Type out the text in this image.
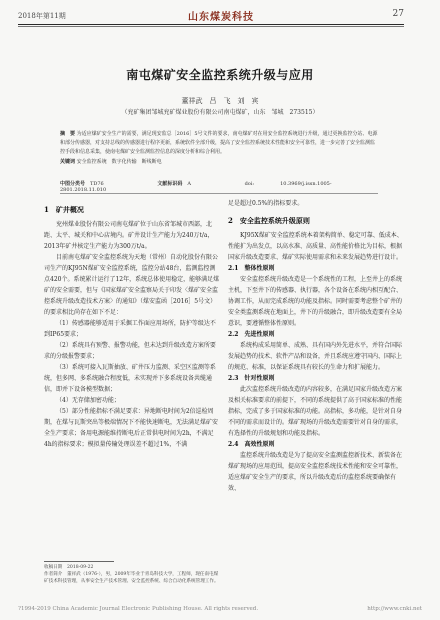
2018年第11期	山东煤炭科技	27
南屯煤矿安全监控系统升级与应用
董祥武　吕　飞　刘　宾
（兖矿集团邹城兖矿煤业股份有限公司南屯煤矿，山东　邹城　273515）
摘　要 为适应煤矿安全生产的需要，满足现安监总［2016］5号文件的要求，南屯煤矿对在用安全监控系统进行升级，通过更换监控分站、电源和部分传感器，对支持总线的传感器进行程序更新，系统软件全部升级，提高了安全监控系统技术性能和安全可靠性，进一步完善了安全监测监控手段和信息采集，使南屯煤矿安全监测监控信息的深度分析和综合利用。
关键词 安全监控系统　数字化传输　断线断电
中图分类号　 TD76	文献标识码　 A	doi:	10.3969/j.issn.1005-2801.2018.11.010
1　矿井概况

兖州煤业股份有限公司南屯煤矿位于山东省邹城市西部，北距、太平、城关和中心店境内。矿井设计生产能力为240万t/a，2013年矿井核定生产能力为300万t/a。

目前南屯煤矿安全监控系统为天地（常州）自动化股份有限公司生产的KJ95N煤矿安全监控系统，监控分站48台，监测监控测点420个。系统累计运行了12年，系统总体使用稳定，能够满足煤矿的安全需要，但与《国家煤矿安全监察局关于印发〈煤矿安全监控系统升级改造技术方案〉的通知》（煤安监函［2016］5号文）的要求相比尚存在如下不足：

（1）传感器能够适用于采掘工作面应用场所，防护等级达不到IP65要求；

（2）系统具有预警、报警功能，但未达到升级改造方案所要求的分级报警要求；

（3）系统可接入瓦斯抽放、矿井压力监测、采空区监测等系统，但多网、多系统融合程度低，未实现并下多系统设备共缆通信，即并下设备模型数据；

（4）无存储加密功能；

（5）部分性能指标不满足要求：异地断电时间为2倍巡检周期，在煤与瓦斯突出等极端情况下不能快速断电，无法满足煤矿安全生产要求；备用电源能维持断电后正常供电时间为2h，不满足4h的指标要求；模拟量传输处理误差不超过1%，不满

收稿日期　2018-09-22
作者简介　董祥武（1976-），男，2009年毕业于青岛科技大学，工程师，现任南屯煤矿技术科技管理，从事安全生产技术管理、安全监控系统、综合自动化系统管理工作。

足是超过0.5%的指标要求。

2　安全监控系统升级原则

KJ95X煤矿安全监控系统本着架构简单、稳定可靠、低成本、性能扩为出发点，以高水准、高质量、高性能价格比为目标，根据国家升级改造要求、煤矿实际使用需求和未来发展趋势进行设计。

2.1　整体性原则

安全监控系统升级改造是一个系统性的工程，上至井上的系统主机，下至井下的传感器、执行器，各个设备在系统内相互配合、协调工作，从而完成系统的功能及指标。同时需要考虑整个矿井的安全类监测系统在地面上，井下的升级融合，即升级改造要有全局意识，要遵循整体性原则。

2.2　先进性原则

系统构成采用简单、成熟、具有国内外先进水平，并符合国际发展趋势的技术、软件产品和设备，并且系统应遵守国内、国际上的规范、标准，以保证系统具有较长的生命力和扩展能力。

2.3　针对性原则

此次监控系统升级改造的内容较多，在满足国家升级改造方案及相关标准要求的前提下，不同的系统提供了高于国家标准的性能指标，完成了多于国家标准的功能。高指标，多功能，是针对自身不同的需求而设计的。煤矿现场的升级改造需要针对自身的需求，有选择性的升级规划和功能及指标。

2.4　高效性原则

监控系统升级改造是为了提高安全监测监控新技术、新装备在煤矿现场的应用范围，提高安全监控系统技术性能和安全可靠性，适应煤矿安全生产的要求，所以升级改造后的监控系统要确保有效、

?1994-2019 China Academic Journal Electronic Publishing House. All rights reserved.	http://www.cnki.net
